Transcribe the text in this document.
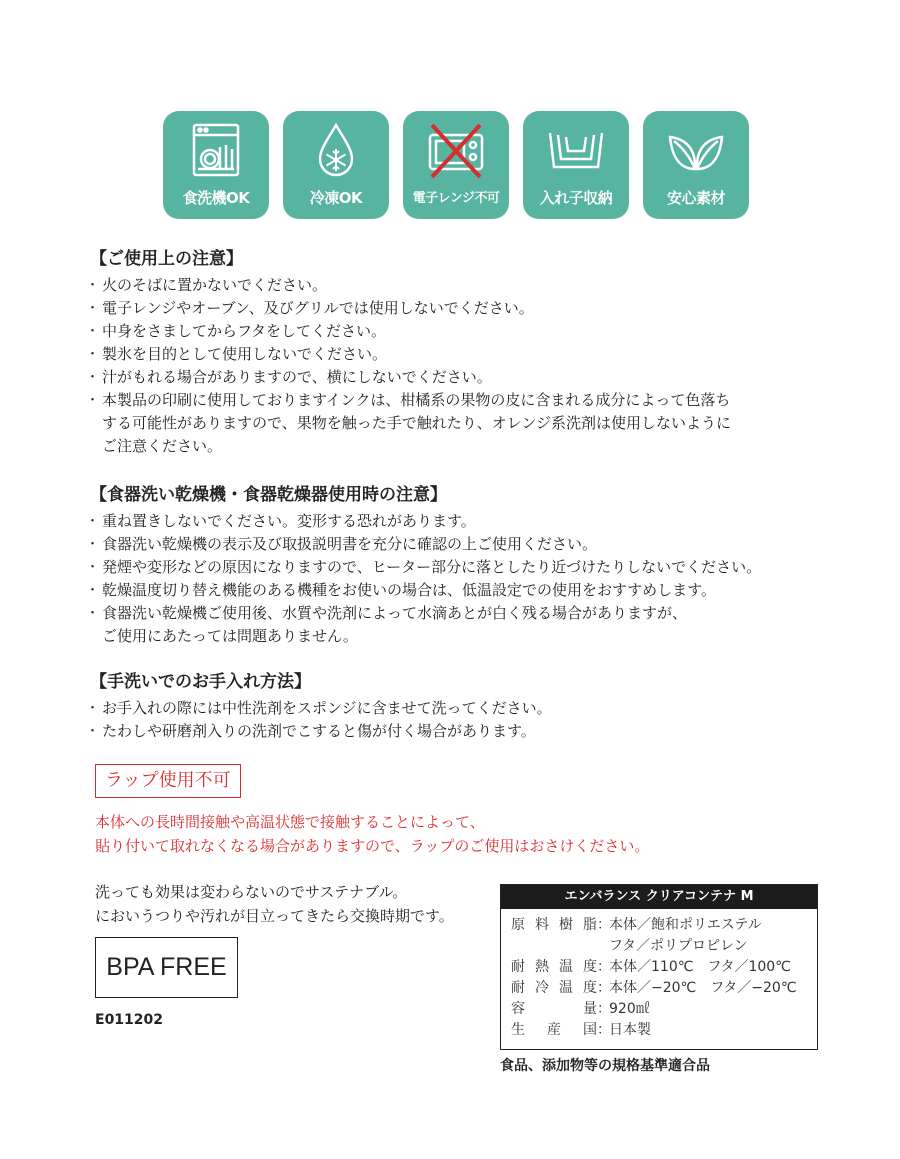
食洗機OK	冷凍OK	電子レンジ不可	入れ子収納	安心素材
【ご使用上の注意】
・ 火のそばに置かないでください。
・ 電子レンジやオーブン、及びグリルでは使用しないでください。
・ 中身をさましてからフタをしてください。
・ 製氷を目的として使用しないでください。
・ 汁がもれる場合がありますので、横にしないでください。
・ 本製品の印刷に使用しておりますインクは、柑橘系の果物の皮に含まれる成分によって色落ち
する可能性がありますので、果物を触った手で触れたり、オレンジ系洗剤は使用しないように
ご注意ください。
【食器洗い乾燥機・食器乾燥器使用時の注意】
・ 重ね置きしないでください。変形する恐れがあります。
・ 食器洗い乾燥機の表示及び取扱説明書を充分に確認の上ご使用ください。
・ 発煙や変形などの原因になりますので、ヒーター部分に落としたり近づけたりしないでください。
・ 乾燥温度切り替え機能のある機種をお使いの場合は、低温設定での使用をおすすめします。
・ 食器洗い乾燥機ご使用後、水質や洗剤によって水滴あとが白く残る場合がありますが、
ご使用にあたっては問題ありません。
【手洗いでのお手入れ方法】
・ お手入れの際には中性洗剤をスポンジに含ませて洗ってください。
・ たわしや研磨剤入りの洗剤でこすると傷が付く場合があります。
ラップ使用不可
本体への長時間接触や高温状態で接触することによって、
貼り付いて取れなくなる場合がありますので、ラップのご使用はおさけください。
洗っても効果は変わらないのでサステナブル。
においうつりや汚れが目立ってきたら交換時期です。
BPA FREE
E011202
エンバランス クリアコンテナ M
原料樹脂 ：
本体／飽和ポリエステル
フタ／ポリプロピレン
耐熱温度 ：
本体／110℃　フタ／100℃
耐冷温度 ：
本体／−20℃　フタ／−20℃
容量 ：
920㎖
生産国 ：
日本製
食品、添加物等の規格基準適合品
